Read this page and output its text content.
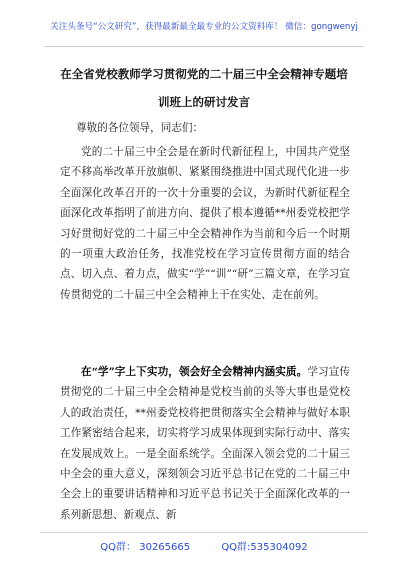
关注头条号“公文研究”，获得最新最全最专业的公文资料库！ 微信：gongwenyj
在全省党校教师学习贯彻党的二十届三中全会精神专题培
训班上的研讨发言
尊敬的各位领导，同志们：

党的二十届三中全会是在新时代新征程上，中国共产党坚定不移高举改革开放旗帜、紧紧围绕推进中国式现代化进一步全面深化改革召开的一次十分重要的会议，为新时代新征程全面深化改革指明了前进方向、提供了根本遵循**州委党校把学习好贯彻好党的二十届三中全会精神作为当前和今后一个时期的一项重大政治任务，找准党校在学习宣传贯彻方面的结合点、切入点、着力点，做实“学”“训”“研”三篇文章，在学习宣传贯彻党的二十届三中全会精神上干在实处、走在前列。

在“学”字上下实功，领会好全会精神内涵实质。学习宣传贯彻党的二十届三中全会精神是党校当前的头等大事也是党校人的政治责任，**州委党校将把贯彻落实全会精神与做好本职工作紧密结合起来，切实将学习成果体现到实际行动中、落实在发展成效上。一是全面系统学。全面深入领会党的二十届三中全会的重大意义，深刻领会习近平总书记在党的二十届三中全会上的重要讲话精神和习近平总书记关于全面深化改革的一系列新思想、新观点、新

QQ群： 30265665	QQ群:535304092
